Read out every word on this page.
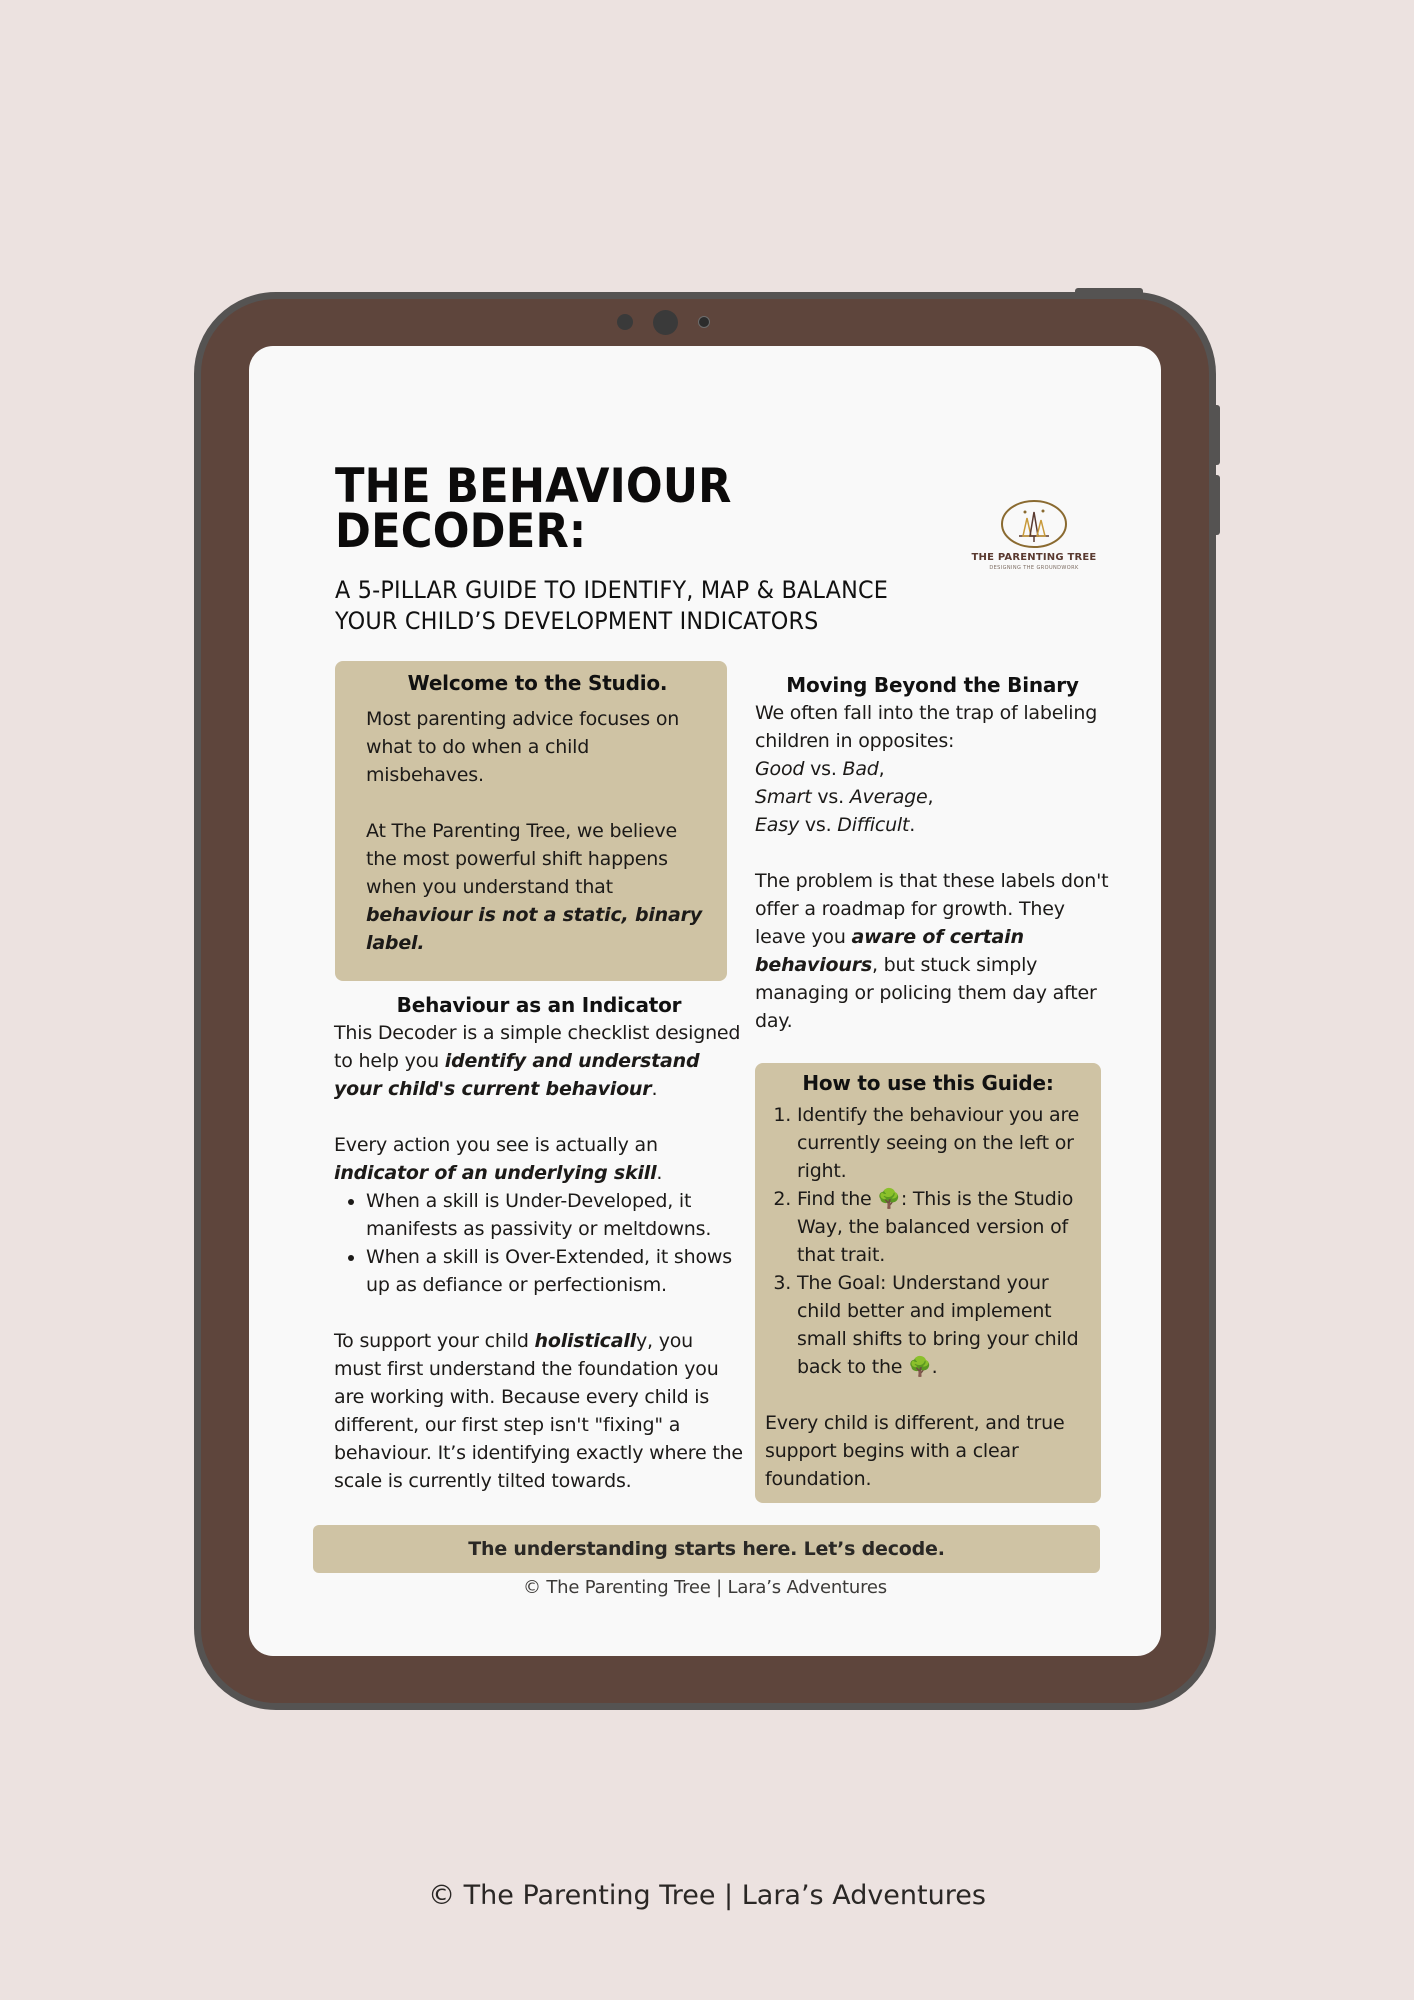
THE BEHAVIOUR DECODER:
A 5-PILLAR GUIDE TO IDENTIFY, MAP & BALANCE YOUR CHILD’S DEVELOPMENT INDICATORS
THE PARENTING TREE
DESIGNING THE GROUNDWORK
Welcome to the Studio.

Most parenting advice focuses on what to do when a child misbehaves.

At The Parenting Tree, we believe the most powerful shift happens when you understand that behaviour is not a static, binary label.

Behaviour as an Indicator

This Decoder is a simple checklist designed to help you identify and understand your child's current behaviour.

Every action you see is actually an indicator of an underlying skill.

• When a skill is Under-Developed, it manifests as passivity or meltdowns.
• When a skill is Over-Extended, it shows up as defiance or perfectionism.

To support your child holistically, you must first understand the foundation you are working with. Because every child is different, our first step isn't "fixing" a behaviour. It’s identifying exactly where the scale is currently tilted towards.

Moving Beyond the Binary

We often fall into the trap of labeling children in opposites:

Good vs. Bad,

Smart vs. Average,

Easy vs. Difficult.

The problem is that these labels don't offer a roadmap for growth. They leave you aware of certain behaviours, but stuck simply managing or policing them day after day.

How to use this Guide:
1. Identify the behaviour you are currently seeing on the left or right.
2. Find the 🌳: This is the Studio Way, the balanced version of that trait.
3. The Goal: Understand your child better and implement small shifts to bring your child back to the 🌳.

Every child is different, and true support begins with a clear foundation.

The understanding starts here. Let’s decode.
© The Parenting Tree | Lara’s Adventures
© The Parenting Tree | Lara’s Adventures
